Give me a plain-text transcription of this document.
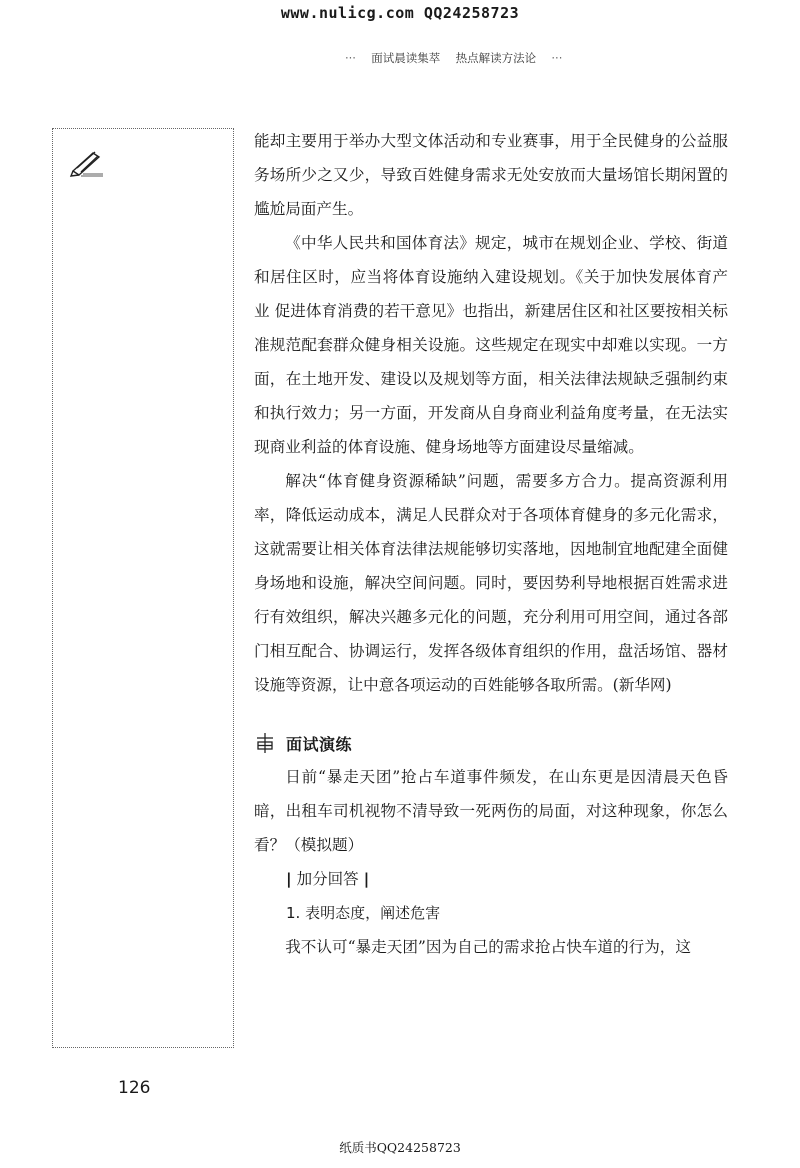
www.nulicg.com QQ24258723
··· 面试晨读集萃 热点解读方法论 ···

能却主要用于举办大型文体活动和专业赛事，用于全民健身的公益服务场所少之又少，导致百姓健身需求无处安放而大量场馆长期闲置的尴尬局面产生。

《中华人民共和国体育法》规定，城市在规划企业、学校、街道和居住区时，应当将体育设施纳入建设规划。《关于加快发展体育产业 促进体育消费的若干意见》也指出，新建居住区和社区要按相关标准规范配套群众健身相关设施。这些规定在现实中却难以实现。一方面，在土地开发、建设以及规划等方面，相关法律法规缺乏强制约束和执行效力；另一方面，开发商从自身商业利益角度考量，在无法实现商业利益的体育设施、健身场地等方面建设尽量缩减。

解决“体育健身资源稀缺”问题，需要多方合力。提高资源利用率，降低运动成本，满足人民群众对于各项体育健身的多元化需求，这就需要让相关体育法律法规能够切实落地，因地制宜地配建全面健身场地和设施，解决空间问题。同时，要因势利导地根据百姓需求进行有效组织，解决兴趣多元化的问题，充分利用可用空间，通过各部门相互配合、协调运行，发挥各级体育组织的作用，盘活场馆、器材设施等资源，让中意各项运动的百姓能够各取所需。(新华网)

面试演练

日前“暴走天团”抢占车道事件频发，在山东更是因清晨天色昏暗，出租车司机视物不清导致一死两伤的局面，对这种现象，你怎么看？（模拟题）

| 加分回答 |
1. 表明态度，阐述危害

我不认可“暴走天团”因为自己的需求抢占快车道的行为，这

126
纸质书QQ24258723
